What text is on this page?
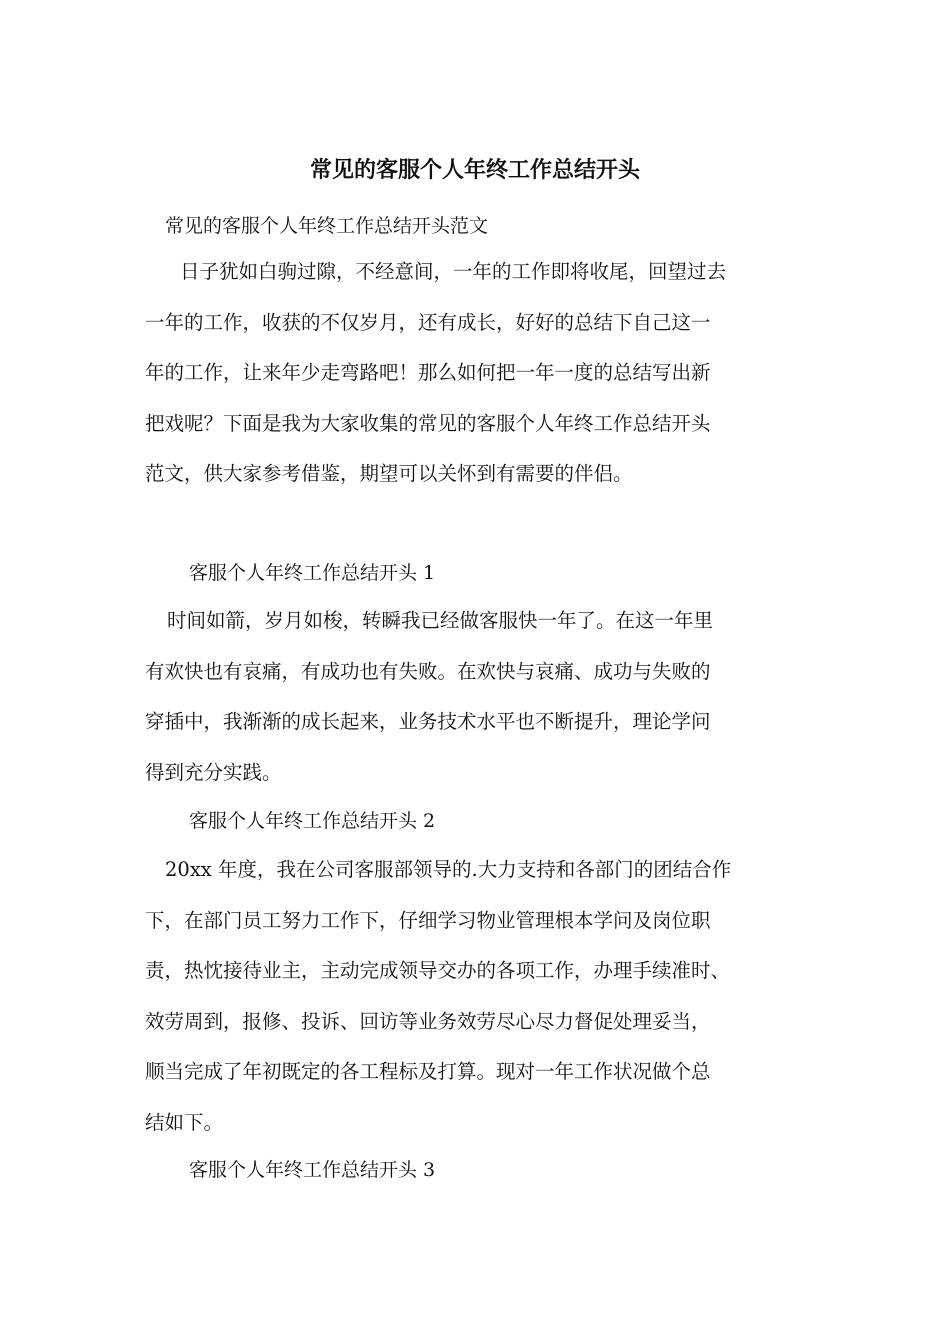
常见的客服个人年终工作总结开头

常见的客服个人年终工作总结开头范文

日子犹如白驹过隙，不经意间，一年的工作即将收尾，回望过去
一年的工作，收获的不仅岁月，还有成长，好好的总结下自己这一
年的工作，让来年少走弯路吧！那么如何把一年一度的总结写出新
把戏呢？下面是我为大家收集的常见的客服个人年终工作总结开头
范文，供大家参考借鉴，期望可以关怀到有需要的伴侣。

客服个人年终工作总结开头 1

时间如箭，岁月如梭，转瞬我已经做客服快一年了。在这一年里
有欢快也有哀痛，有成功也有失败。在欢快与哀痛、成功与失败的
穿插中，我渐渐的成长起来，业务技术水平也不断提升，理论学问
得到充分实践。

客服个人年终工作总结开头 2

20xx 年度，我在公司客服部领导的.大力支持和各部门的团结合作
下，在部门员工努力工作下，仔细学习物业管理根本学问及岗位职
责，热忱接待业主，主动完成领导交办的各项工作，办理手续准时、
效劳周到，报修、投诉、回访等业务效劳尽心尽力督促处理妥当，
顺当完成了年初既定的各工程标及打算。现对一年工作状况做个总
结如下。

客服个人年终工作总结开头 3
